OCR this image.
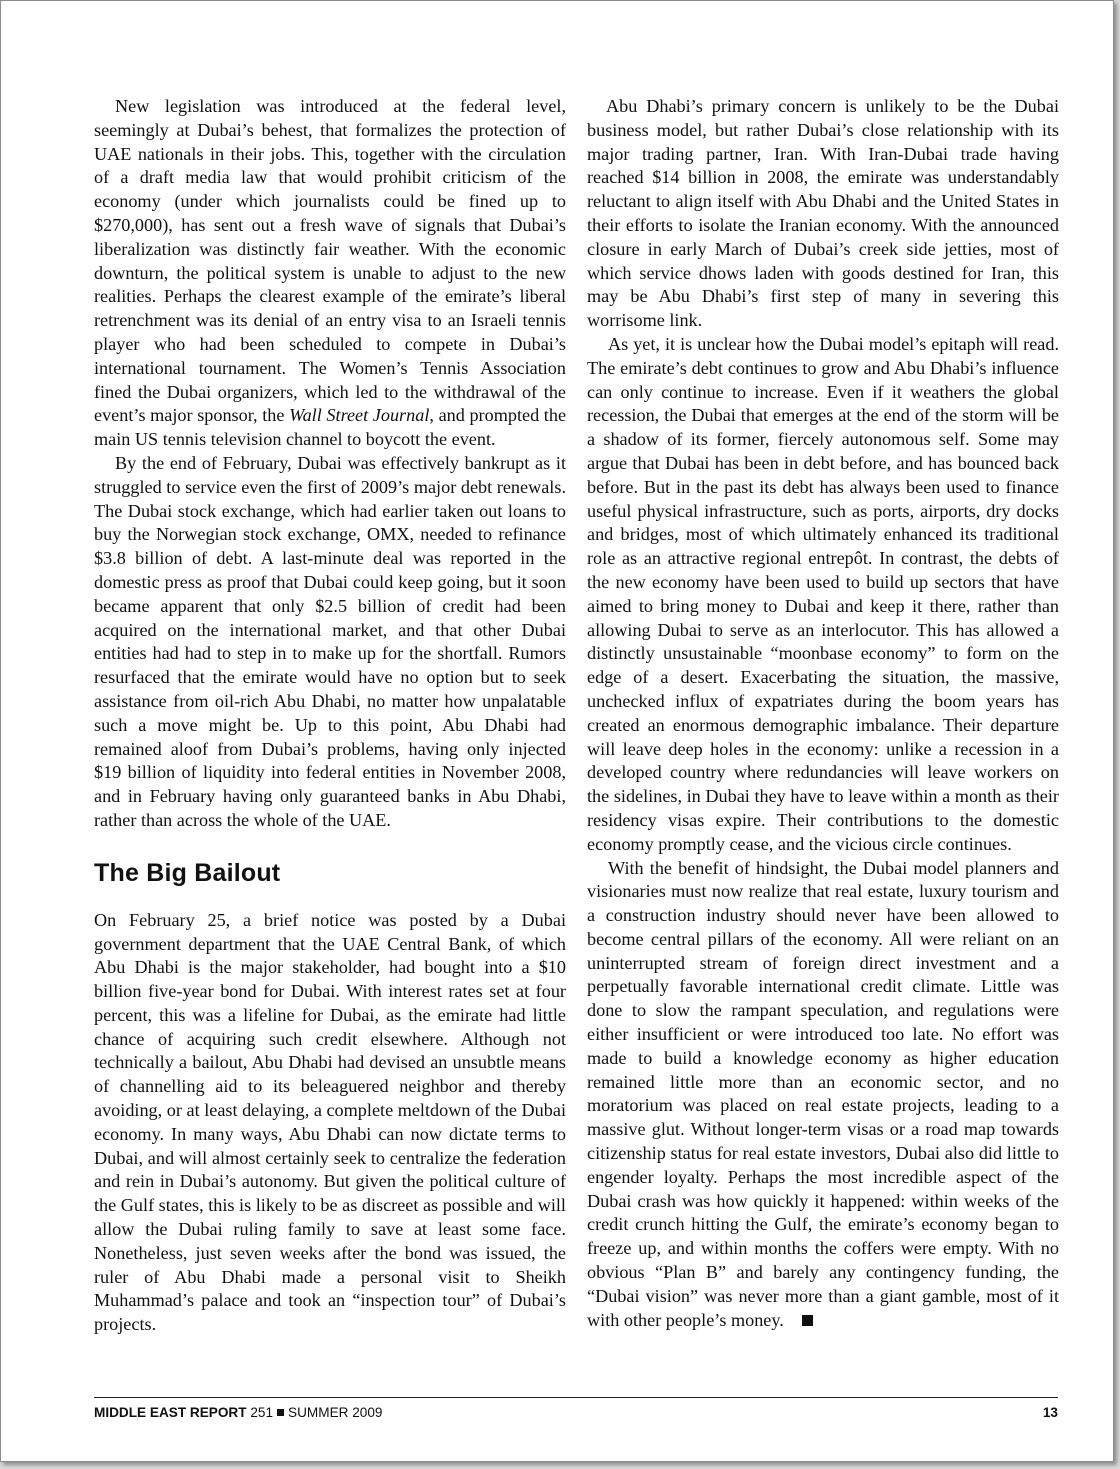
New legislation was introduced at the federal level, seemingly at Dubai’s behest, that formalizes the protection of UAE nationals in their jobs. This, together with the circulation of a draft media law that would prohibit criticism of the economy (under which journalists could be fined up to $270,000), has sent out a fresh wave of signals that Dubai’s liberalization was distinctly fair weather. With the economic downturn, the political system is unable to adjust to the new realities. Perhaps the clearest example of the emirate’s liberal retrenchment was its denial of an entry visa to an Israeli tennis player who had been scheduled to compete in Dubai’s international tournament. The Women’s Tennis Association fined the Dubai organizers, which led to the withdrawal of the event’s major sponsor, the Wall Street Journal, and prompted the main US tennis television channel to boycott the event.

By the end of February, Dubai was effectively bankrupt as it struggled to service even the first of 2009’s major debt renewals. The Dubai stock exchange, which had earlier taken out loans to buy the Norwegian stock exchange, OMX, needed to refinance $3.8 billion of debt. A last-minute deal was reported in the domestic press as proof that Dubai could keep going, but it soon became apparent that only $2.5 billion of credit had been acquired on the international market, and that other Dubai entities had had to step in to make up for the shortfall. Rumors resurfaced that the emirate would have no option but to seek assistance from oil-rich Abu Dhabi, no matter how unpalatable such a move might be. Up to this point, Abu Dhabi had remained aloof from Dubai’s problems, having only injected $19 billion of liquidity into federal entities in November 2008, and in February having only guaranteed banks in Abu Dhabi, rather than across the whole of the UAE.

The Big Bailout

On February 25, a brief notice was posted by a Dubai government department that the UAE Central Bank, of which Abu Dhabi is the major stakeholder, had bought into a $10 billion five-year bond for Dubai. With interest rates set at four percent, this was a lifeline for Dubai, as the emirate had little chance of acquiring such credit elsewhere. Although not technically a bailout, Abu Dhabi had devised an unsubtle means of channelling aid to its beleaguered neighbor and thereby avoiding, or at least delaying, a complete meltdown of the Dubai economy. In many ways, Abu Dhabi can now dictate terms to Dubai, and will almost certainly seek to centralize the federation and rein in Dubai’s autonomy. But given the political culture of the Gulf states, this is likely to be as discreet as possible and will allow the Dubai ruling family to save at least some face. Nonetheless, just seven weeks after the bond was issued, the ruler of Abu Dhabi made a personal visit to Sheikh Muhammad’s palace and took an “inspection tour” of Dubai’s projects.

Abu Dhabi’s primary concern is unlikely to be the Dubai business model, but rather Dubai’s close relationship with its major trading partner, Iran. With Iran-Dubai trade having reached $14 billion in 2008, the emirate was understandably reluctant to align itself with Abu Dhabi and the United States in their efforts to isolate the Iranian economy. With the announced closure in early March of Dubai’s creek side jetties, most of which service dhows laden with goods destined for Iran, this may be Abu Dhabi’s first step of many in severing this worrisome link.

As yet, it is unclear how the Dubai model’s epitaph will read. The emirate’s debt continues to grow and Abu Dhabi’s influence can only continue to increase. Even if it weathers the global recession, the Dubai that emerges at the end of the storm will be a shadow of its former, fiercely autonomous self. Some may argue that Dubai has been in debt before, and has bounced back before. But in the past its debt has always been used to finance useful physical infrastructure, such as ports, airports, dry docks and bridges, most of which ultimately enhanced its traditional role as an attractive regional entrepôt. In contrast, the debts of the new economy have been used to build up sectors that have aimed to bring money to Dubai and keep it there, rather than allowing Dubai to serve as an interlocutor. This has allowed a distinctly unsustainable “moonbase economy” to form on the edge of a desert. Exacerbating the situation, the massive, unchecked influx of expatriates during the boom years has created an enormous demographic imbalance. Their departure will leave deep holes in the economy: unlike a recession in a developed country where redundancies will leave workers on the sidelines, in Dubai they have to leave within a month as their residency visas expire. Their contributions to the domestic economy promptly cease, and the vicious circle continues.

With the benefit of hindsight, the Dubai model planners and visionaries must now realize that real estate, luxury tourism and a construction industry should never have been allowed to become central pillars of the economy. All were reliant on an uninterrupted stream of foreign direct investment and a perpetually favorable international credit climate. Little was done to slow the rampant speculation, and regulations were either insufficient or were introduced too late. No effort was made to build a knowledge economy as higher education remained little more than an economic sector, and no moratorium was placed on real estate projects, leading to a massive glut. Without longer-term visas or a road map towards citizenship status for real estate investors, Dubai also did little to engender loyalty. Perhaps the most incredible aspect of the Dubai crash was how quickly it happened: within weeks of the credit crunch hitting the Gulf, the emirate’s economy began to freeze up, and within months the coffers were empty. With no obvious “Plan B” and barely any contingency funding, the “Dubai vision” was never more than a giant gamble, most of it with other people’s money.

MIDDLE EAST REPORT 251 SUMMER 2009	13
